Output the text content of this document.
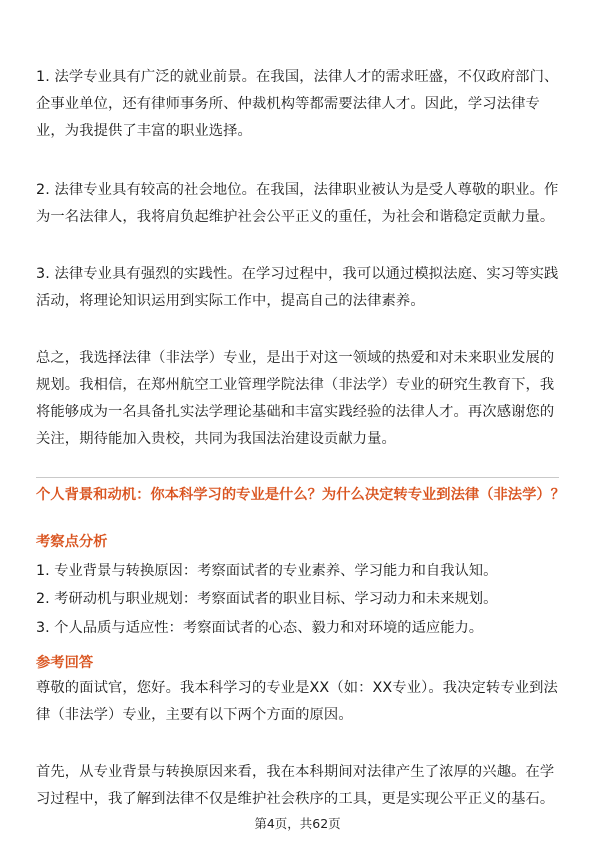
1. 法学专业具有广泛的就业前景。在我国，法律人才的需求旺盛，不仅政府部门、企事业单位，还有律师事务所、仲裁机构等都需要法律人才。因此，学习法律专业，为我提供了丰富的职业选择。

2. 法律专业具有较高的社会地位。在我国，法律职业被认为是受人尊敬的职业。作为一名法律人，我将肩负起维护社会公平正义的重任，为社会和谐稳定贡献力量。

3. 法律专业具有强烈的实践性。在学习过程中，我可以通过模拟法庭、实习等实践活动，将理论知识运用到实际工作中，提高自己的法律素养。

总之，我选择法律（非法学）专业，是出于对这一领域的热爱和对未来职业发展的规划。我相信，在郑州航空工业管理学院法律（非法学）专业的研究生教育下，我将能够成为一名具备扎实法学理论基础和丰富实践经验的法律人才。再次感谢您的关注，期待能加入贵校，共同为我国法治建设贡献力量。

个人背景和动机：你本科学习的专业是什么？为什么决定转专业到法律（非法学）？

考察点分析

1. 专业背景与转换原因：考察面试者的专业素养、学习能力和自我认知。

2. 考研动机与职业规划：考察面试者的职业目标、学习动力和未来规划。

3. 个人品质与适应性：考察面试者的心态、毅力和对环境的适应能力。

参考回答

尊敬的面试官，您好。我本科学习的专业是XX（如：XX专业）。我决定转专业到法律（非法学）专业，主要有以下两个方面的原因。

首先，从专业背景与转换原因来看，我在本科期间对法律产生了浓厚的兴趣。在学习过程中，我了解到法律不仅是维护社会秩序的工具，更是实现公平正义的基石。

第4页，共62页
